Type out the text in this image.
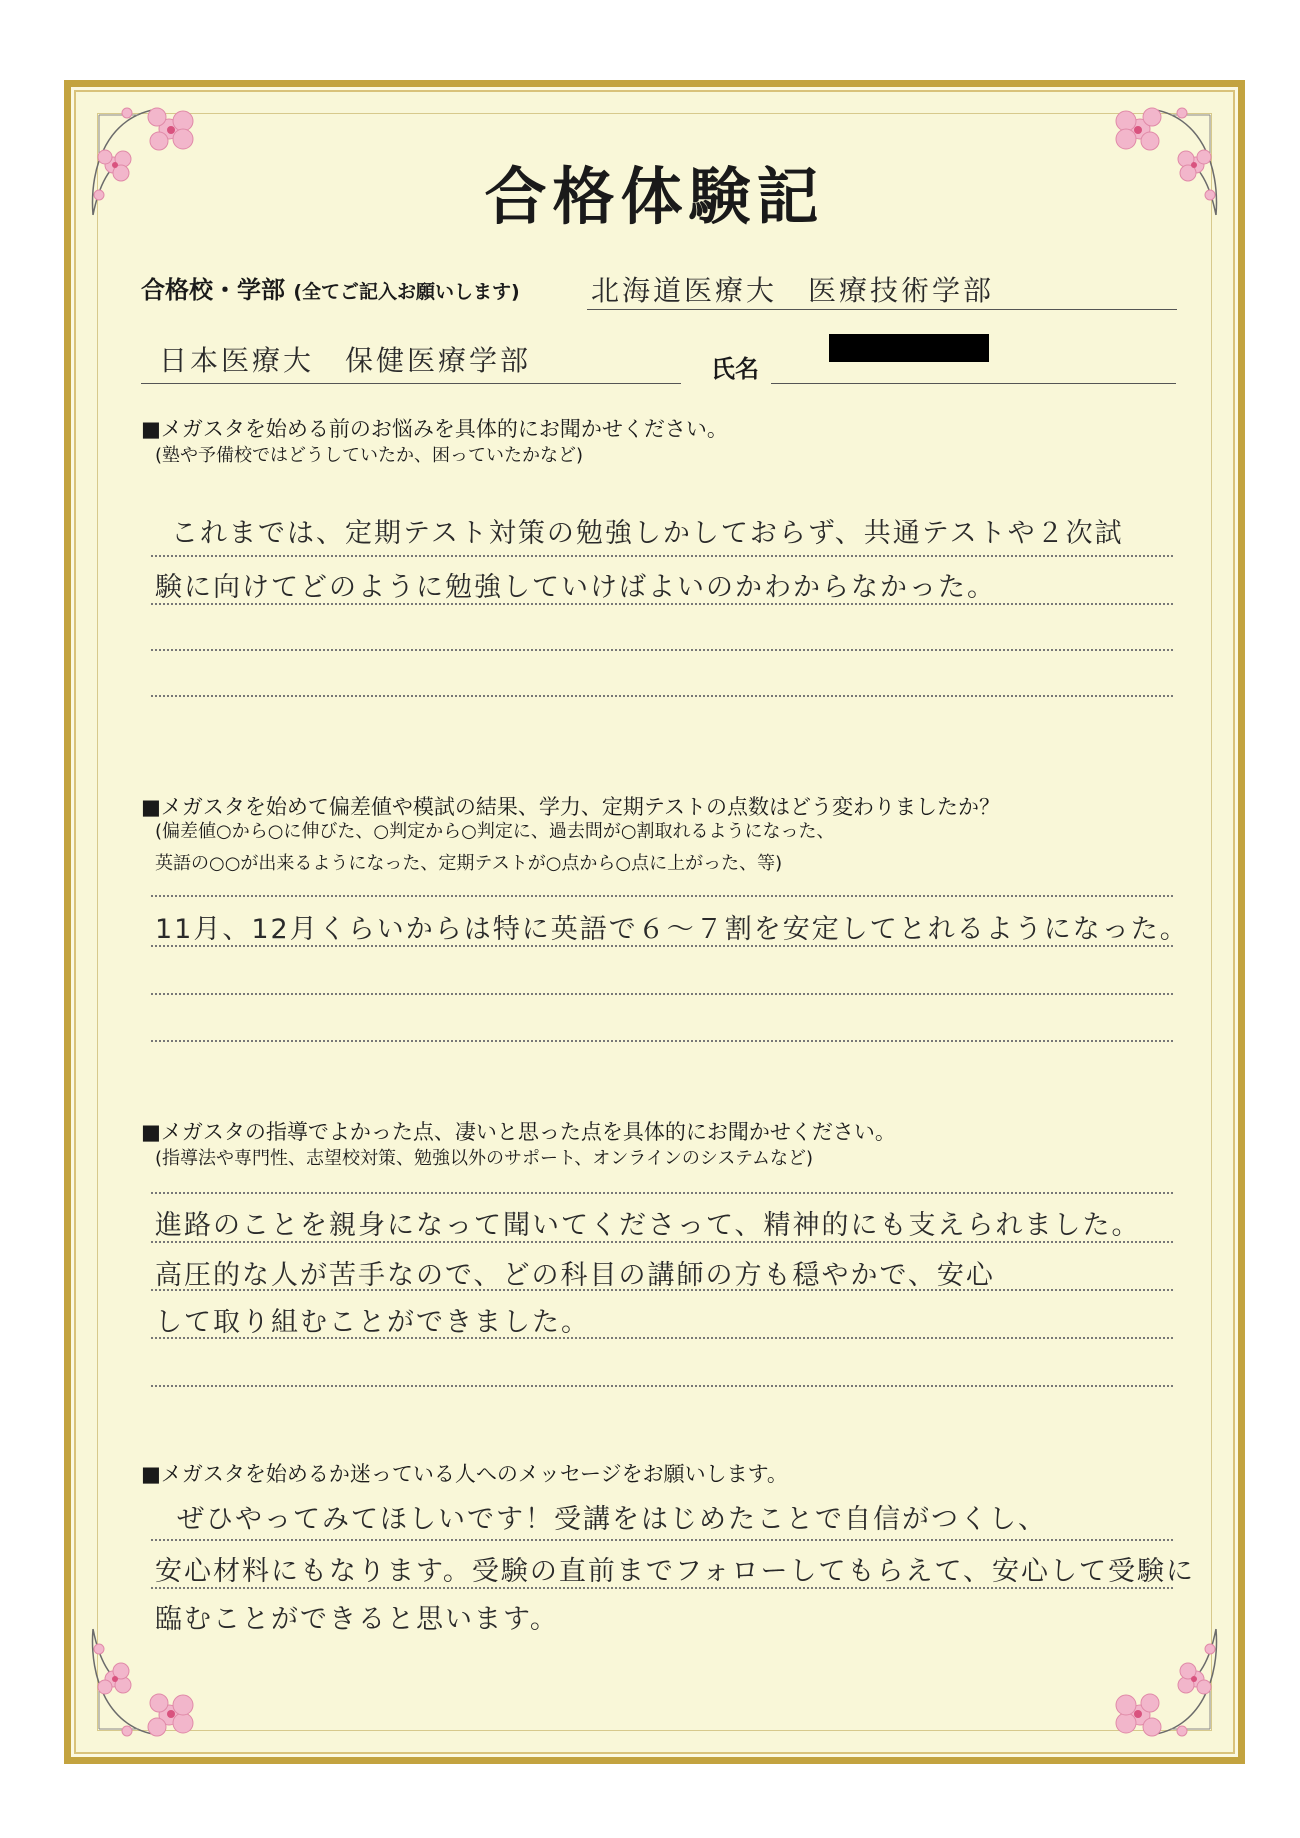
合格体験記
合格校・学部 (全てご記入お願いします)	北海道医療大　医療技術学部
日本医療大　保健医療学部	氏名
■メガスタを始める前のお悩みを具体的にお聞かせください。
(塾や予備校ではどうしていたか、困っていたかなど)
これまでは、定期テスト対策の勉強しかしておらず、共通テストや２次試
験に向けてどのように勉強していけばよいのかわからなかった。
■メガスタを始めて偏差値や模試の結果、学力、定期テストの点数はどう変わりましたか？
(偏差値○から○に伸びた、○判定から○判定に、過去問が○割取れるようになった、
英語の○○が出来るようになった、定期テストが○点から○点に上がった、等)
11月、12月くらいからは特に英語で６～７割を安定してとれるようになった。
■メガスタの指導でよかった点、凄いと思った点を具体的にお聞かせください。
(指導法や専門性、志望校対策、勉強以外のサポート、オンラインのシステムなど)
進路のことを親身になって聞いてくださって、精神的にも支えられました。
高圧的な人が苦手なので、どの科目の講師の方も穏やかで、安心
して取り組むことができました。
■メガスタを始めるか迷っている人へのメッセージをお願いします。
ぜひやってみてほしいです！受講をはじめたことで自信がつくし、
安心材料にもなります。受験の直前までフォローしてもらえて、安心して受験に
臨むことができると思います。
